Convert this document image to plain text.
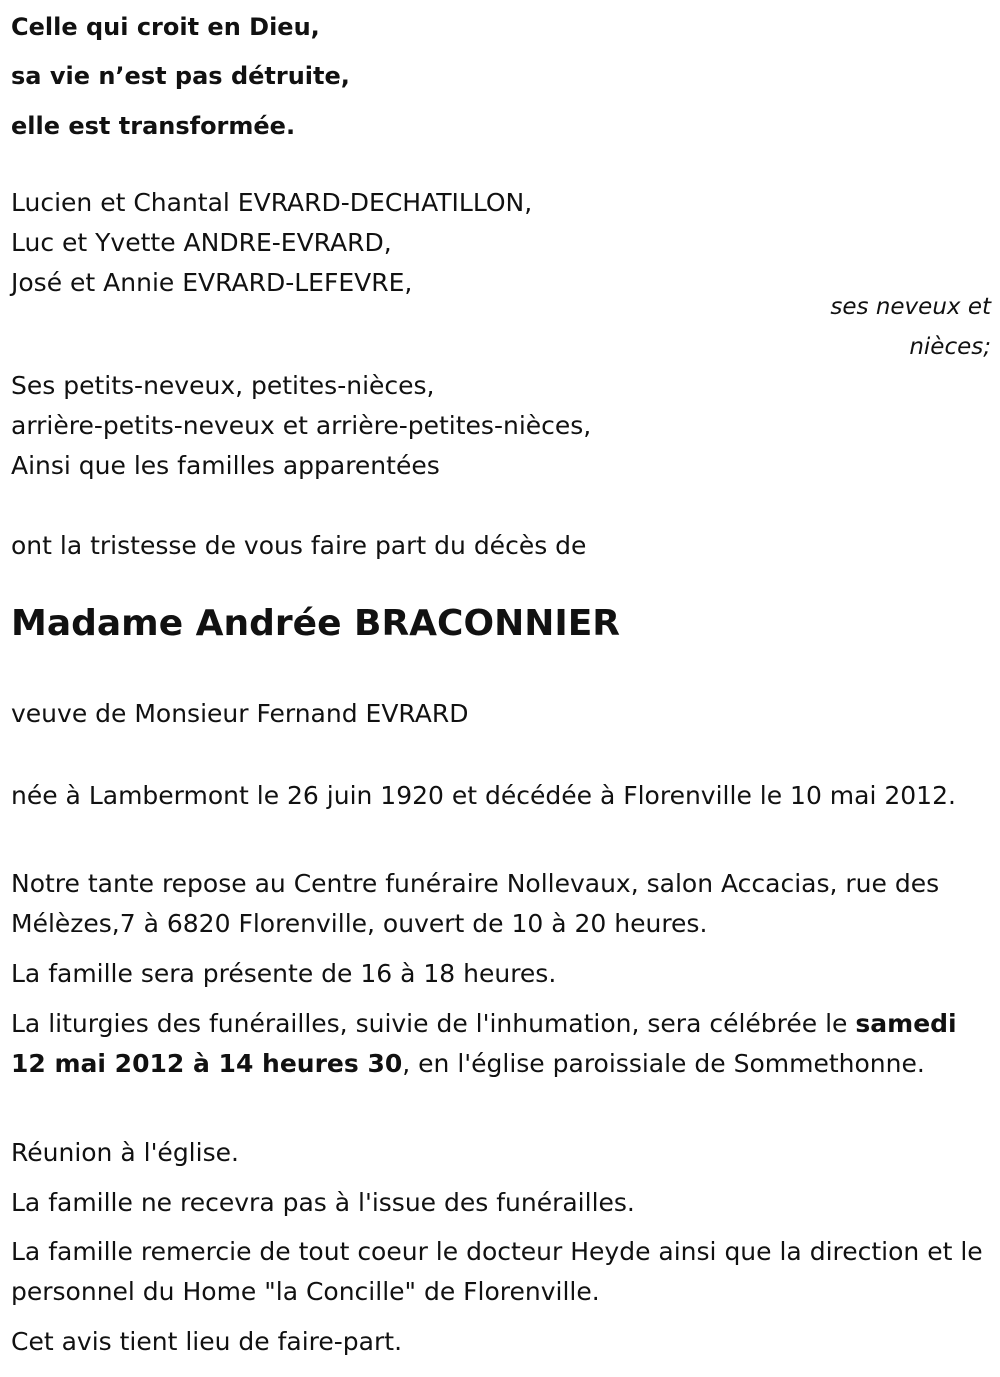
Celle qui croit en Dieu,
sa vie n’est pas détruite,
elle est transformée.
Lucien et Chantal EVRARD-DECHATILLON,
Luc et Yvette ANDRE-EVRARD,
José et Annie EVRARD-LEFEVRE,
ses neveux et
nièces;
Ses petits-neveux, petites-nièces,
arrière-petits-neveux et arrière-petites-nièces,
Ainsi que les familles apparentées
ont la tristesse de vous faire part du décès de
Madame Andrée BRACONNIER
veuve de Monsieur Fernand EVRARD
née à Lambermont le 26 juin 1920 et décédée à Florenville le 10 mai 2012.
Notre tante repose au Centre funéraire Nollevaux, salon Accacias, rue des Mélèzes,7 à 6820 Florenville, ouvert de 10 à 20 heures.
La famille sera présente de 16 à 18 heures.
La liturgies des funérailles, suivie de l'inhumation, sera célébrée le samedi 12 mai 2012 à 14 heures 30, en l'église paroissiale de Sommethonne.
Réunion à l'église.
La famille ne recevra pas à l'issue des funérailles.
La famille remercie de tout coeur le docteur Heyde ainsi que la direction et le personnel du Home "la Concille" de Florenville.
Cet avis tient lieu de faire-part.
